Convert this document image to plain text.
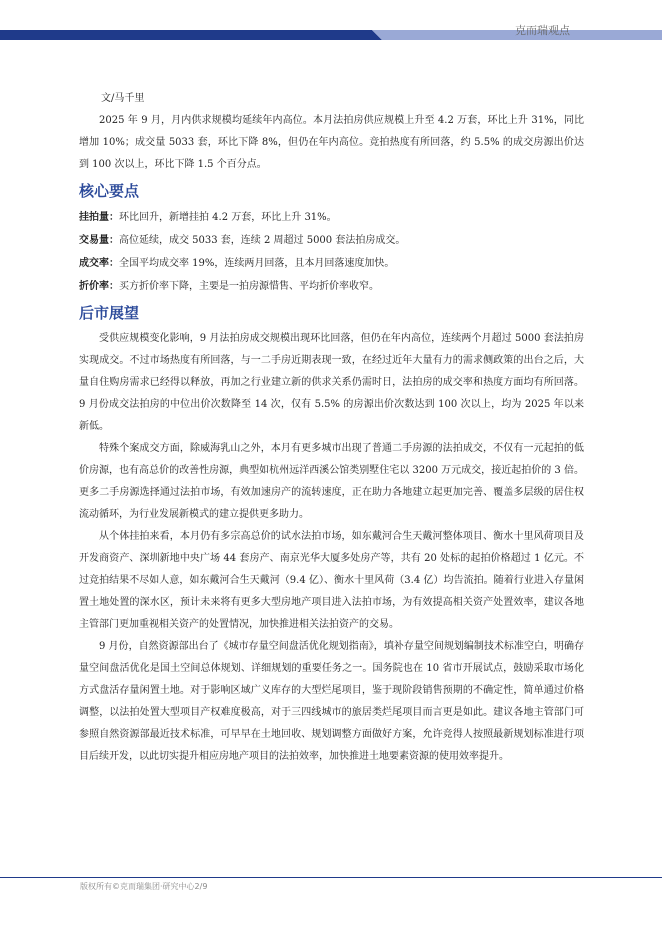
克而瑞观点
文/马千里

2025 年 9 月，月内供求规模均延续年内高位。本月法拍房供应规模上升至 4.2 万套，环比上升 31%，同比增加 10%；成交量 5033 套，环比下降 8%，但仍在年内高位。竞拍热度有所回落，约 5.5% 的成交房源出价达到 100 次以上，环比下降 1.5 个百分点。

核心要点

挂拍量：环比回升，新增挂拍 4.2 万套，环比上升 31%。

交易量：高位延续，成交 5033 套，连续 2 周超过 5000 套法拍房成交。

成交率：全国平均成交率 19%，连续两月回落，且本月回落速度加快。

折价率：买方折价率下降，主要是一拍房源惜售、平均折价率收窄。

后市展望

受供应规模变化影响，9 月法拍房成交规模出现环比回落，但仍在年内高位，连续两个月超过 5000 套法拍房实现成交。不过市场热度有所回落，与一二手房近期表现一致，在经过近年大量有力的需求侧政策的出台之后，大量自住购房需求已经得以释放，再加之行业建立新的供求关系仍需时日，法拍房的成交率和热度方面均有所回落。9 月份成交法拍房的中位出价次数降至 14 次，仅有 5.5% 的房源出价次数达到 100 次以上，均为 2025 年以来新低。

特殊个案成交方面，除威海乳山之外，本月有更多城市出现了普通二手房源的法拍成交，不仅有一元起拍的低价房源，也有高总价的改善性房源，典型如杭州远洋西溪公馆类别墅住宅以 3200 万元成交，接近起拍价的 3 倍。更多二手房源选择通过法拍市场，有效加速房产的流转速度，正在助力各地建立起更加完善、覆盖多层级的居住权流动循环，为行业发展新模式的建立提供更多助力。

从个体挂拍来看，本月仍有多宗高总价的试水法拍市场，如东戴河合生天戴河整体项目、衡水十里风荷项目及开发商资产、深圳新地中央广场 44 套房产、南京光华大厦多处房产等，共有 20 处标的起拍价格超过 1 亿元。不过竞拍结果不尽如人意，如东戴河合生天戴河（9.4 亿）、衡水十里风荷（3.4 亿）均告流拍。随着行业进入存量闲置土地处置的深水区，预计未来将有更多大型房地产项目进入法拍市场，为有效提高相关资产处置效率，建议各地主管部门更加重视相关资产的处置情况，加快推进相关法拍资产的交易。

9 月份，自然资源部出台了《城市存量空间盘活优化规划指南》，填补存量空间规划编制技术标准空白，明确存量空间盘活优化是国土空间总体规划、详细规划的重要任务之一。国务院也在 10 省市开展试点，鼓励采取市场化方式盘活存量闲置土地。对于影响区域广义库存的大型烂尾项目，鉴于现阶段销售预期的不确定性，简单通过价格调整，以法拍处置大型项目产权难度极高，对于三四线城市的旅居类烂尾项目而言更是如此。建议各地主管部门可参照自然资源部最近技术标准，可早早在土地回收、规划调整方面做好方案，允许竞得人按照最新规划标准进行项目后续开发，以此切实提升相应房地产项目的法拍效率，加快推进土地要素资源的使用效率提升。

版权所有©克而瑞集团·研究中心2/9
